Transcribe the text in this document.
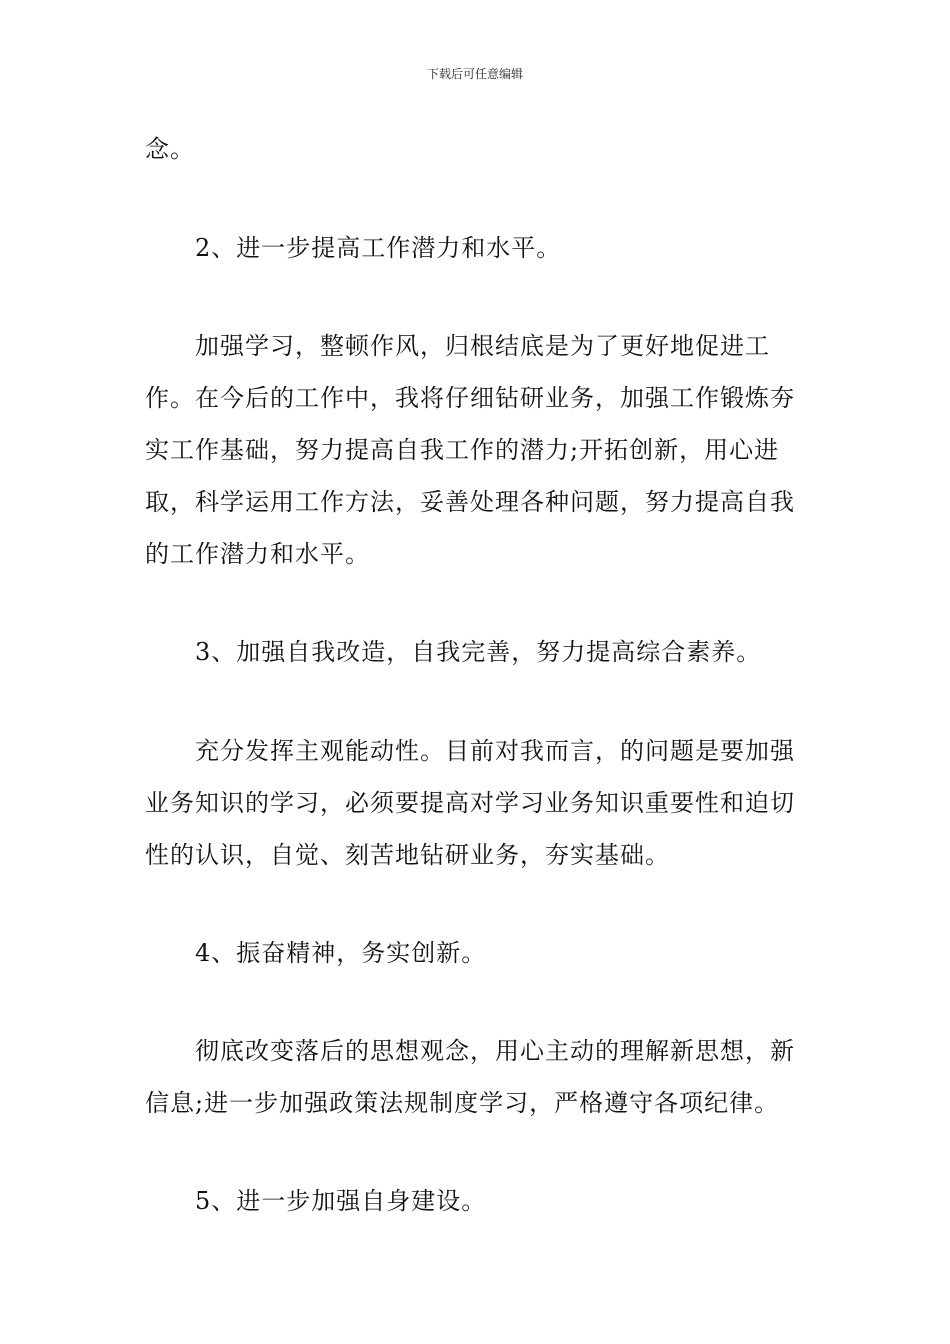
下载后可任意编辑

念。

2、进一步提高工作潜力和水平。

加强学习，整顿作风，归根结底是为了更好地促进工作。在今后的工作中，我将仔细钻研业务，加强工作锻炼夯实工作基础，努力提高自我工作的潜力;开拓创新，用心进取，科学运用工作方法，妥善处理各种问题，努力提高自我的工作潜力和水平。

3、加强自我改造，自我完善，努力提高综合素养。

充分发挥主观能动性。目前对我而言，的问题是要加强业务知识的学习，必须要提高对学习业务知识重要性和迫切性的认识，自觉、刻苦地钻研业务，夯实基础。

4、振奋精神，务实创新。

彻底改变落后的思想观念，用心主动的理解新思想，新信息;进一步加强政策法规制度学习，严格遵守各项纪律。

5、进一步加强自身建设。
